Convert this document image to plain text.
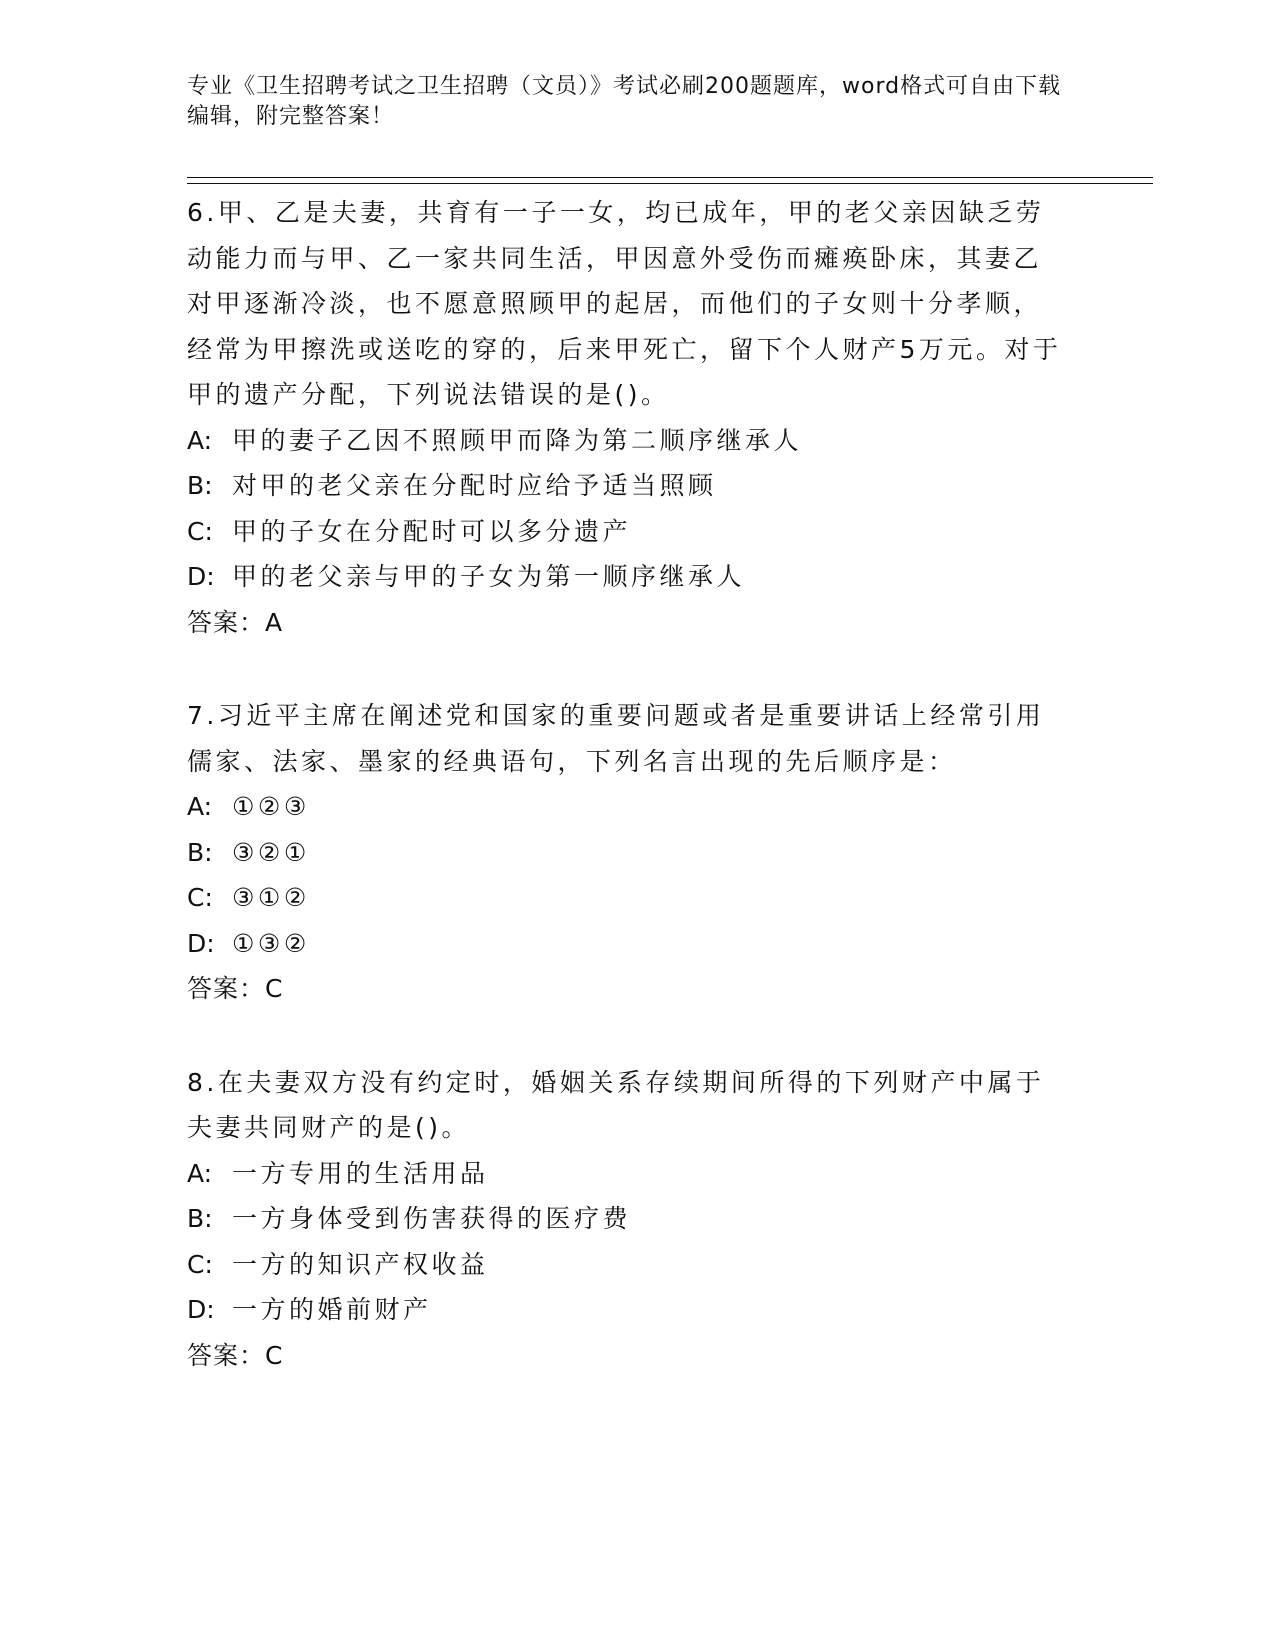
专业《卫生招聘考试之卫生招聘（文员）》考试必刷200题题库，word格式可自由下载编辑，附完整答案！

6.甲、乙是夫妻，共育有一子一女，均已成年，甲的老父亲因缺乏劳动能力而与甲、乙一家共同生活，甲因意外受伤而瘫痪卧床，其妻乙对甲逐渐冷淡，也不愿意照顾甲的起居，而他们的子女则十分孝顺，经常为甲擦洗或送吃的穿的，后来甲死亡，留下个人财产5万元。对于甲的遗产分配，下列说法错误的是()。

A: 甲的妻子乙因不照顾甲而降为第二顺序继承人

B: 对甲的老父亲在分配时应给予适当照顾

C: 甲的子女在分配时可以多分遗产

D: 甲的老父亲与甲的子女为第一顺序继承人

答案：A

7.习近平主席在阐述党和国家的重要问题或者是重要讲话上经常引用儒家、法家、墨家的经典语句，下列名言出现的先后顺序是：

A: ①②③

B: ③②①

C: ③①②

D: ①③②

答案：C

8.在夫妻双方没有约定时，婚姻关系存续期间所得的下列财产中属于夫妻共同财产的是()。

A: 一方专用的生活用品

B: 一方身体受到伤害获得的医疗费

C: 一方的知识产权收益

D: 一方的婚前财产

答案：C
